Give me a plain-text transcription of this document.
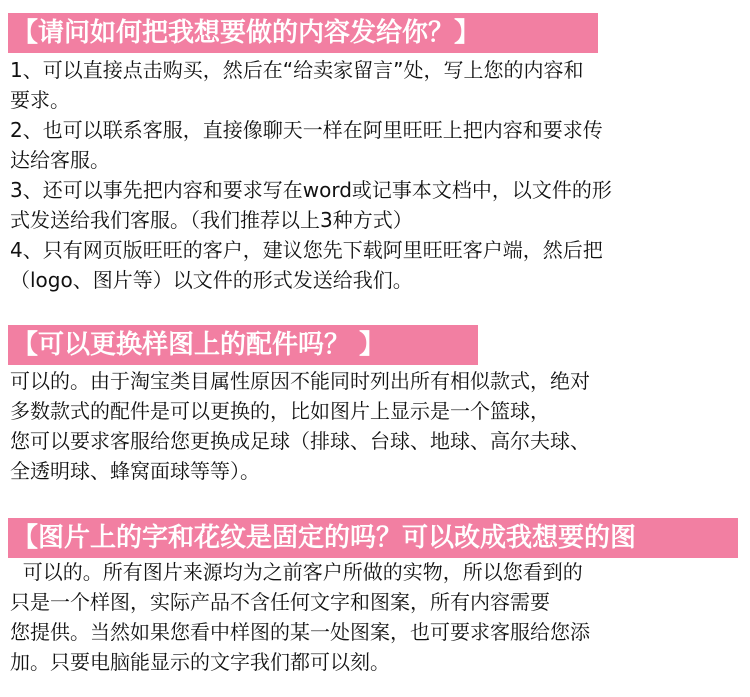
【请问如何把我想要做的内容发给你？】
1、可以直接点击购买，然后在“给卖家留言”处，写上您的内容和
要求。
2、也可以联系客服，直接像聊天一样在阿里旺旺上把内容和要求传
达给客服。
3、还可以事先把内容和要求写在word或记事本文档中，以文件的形
式发送给我们客服。（我们推荐以上3种方式）
4、只有网页版旺旺的客户，建议您先下载阿里旺旺客户端，然后把
（logo、图片等）以文件的形式发送给我们。
【可以更换样图上的配件吗？ 】
可以的。由于淘宝类目属性原因不能同时列出所有相似款式，绝对
多数款式的配件是可以更换的，比如图片上显示是一个篮球，
您可以要求客服给您更换成足球（排球、台球、地球、高尔夫球、
全透明球、蜂窝面球等等）。
【图片上的字和花纹是固定的吗？可以改成我想要的图
可以的。所有图片来源均为之前客户所做的实物，所以您看到的
只是一个样图，实际产品不含任何文字和图案，所有内容需要
您提供。当然如果您看中样图的某一处图案，也可要求客服给您添
加。只要电脑能显示的文字我们都可以刻。
